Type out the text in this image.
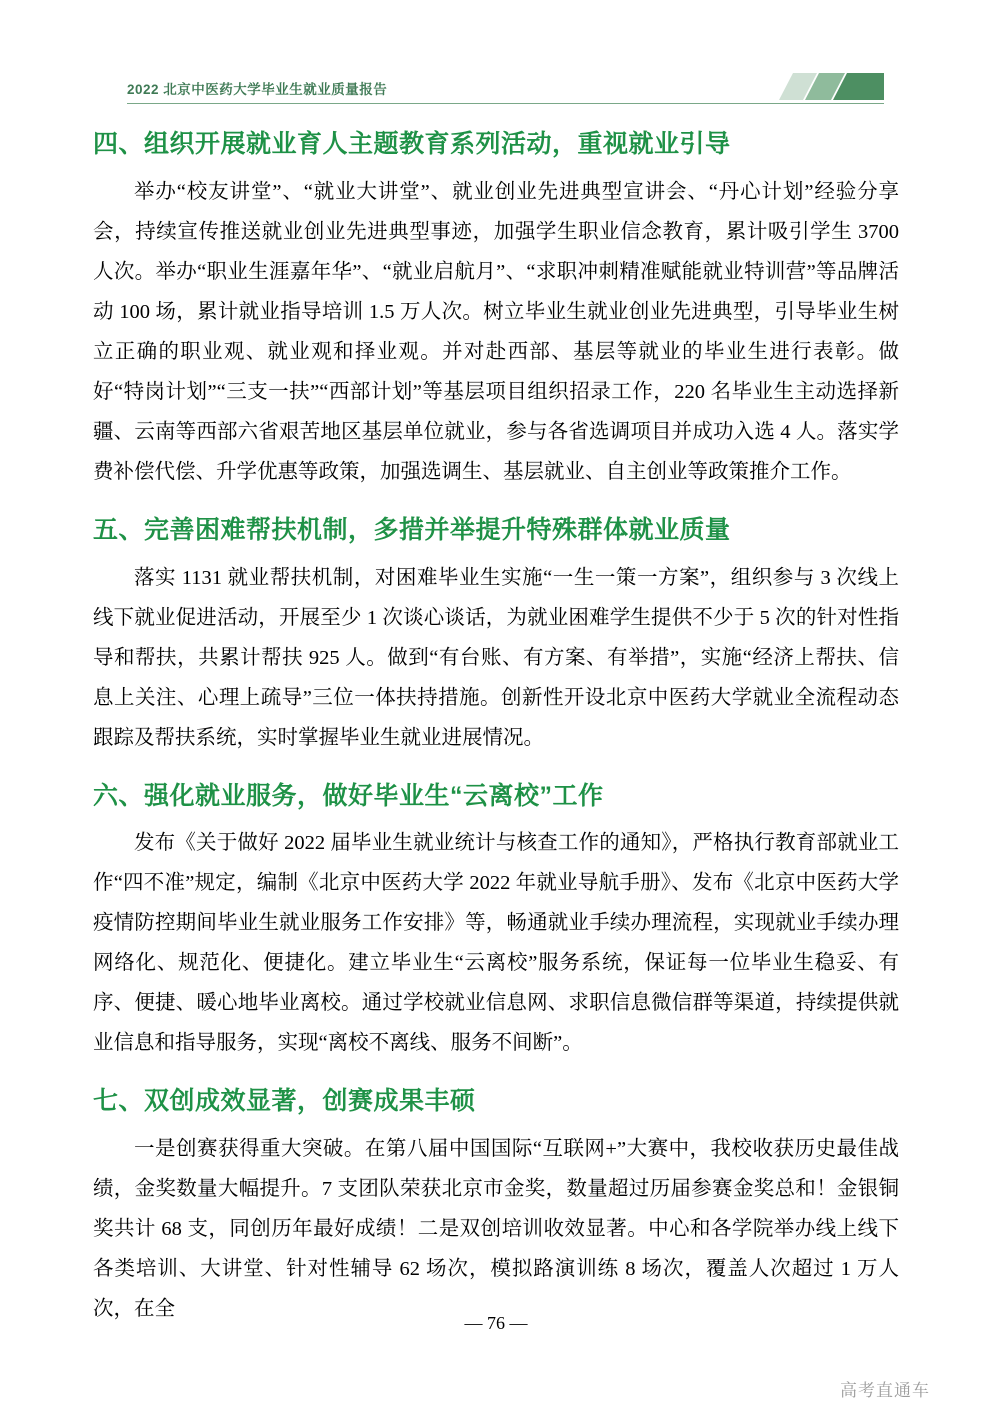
2022 北京中医药大学毕业生就业质量报告
四、组织开展就业育人主题教育系列活动，重视就业引导

举办“校友讲堂”、“就业大讲堂”、就业创业先进典型宣讲会、“丹心计划”经验分享会，持续宣传推送就业创业先进典型事迹，加强学生职业信念教育，累计吸引学生 3700 人次。举办“职业生涯嘉年华”、“就业启航月”、“求职冲刺精准赋能就业特训营”等品牌活动 100 场，累计就业指导培训 1.5 万人次。树立毕业生就业创业先进典型，引导毕业生树立正确的职业观、就业观和择业观。并对赴西部、基层等就业的毕业生进行表彰。做好“特岗计划”“三支一扶”“西部计划”等基层项目组织招录工作，220 名毕业生主动选择新疆、云南等西部六省艰苦地区基层单位就业，参与各省选调项目并成功入选 4 人。落实学费补偿代偿、升学优惠等政策，加强选调生、基层就业、自主创业等政策推介工作。

五、完善困难帮扶机制，多措并举提升特殊群体就业质量

落实 1131 就业帮扶机制，对困难毕业生实施“一生一策一方案”，组织参与 3 次线上线下就业促进活动，开展至少 1 次谈心谈话，为就业困难学生提供不少于 5 次的针对性指导和帮扶，共累计帮扶 925 人。做到“有台账、有方案、有举措”，实施“经济上帮扶、信息上关注、心理上疏导”三位一体扶持措施。创新性开设北京中医药大学就业全流程动态跟踪及帮扶系统，实时掌握毕业生就业进展情况。

六、强化就业服务，做好毕业生“云离校”工作

发布《关于做好 2022 届毕业生就业统计与核查工作的通知》，严格执行教育部就业工作“四不准”规定，编制《北京中医药大学 2022 年就业导航手册》、发布《北京中医药大学疫情防控期间毕业生就业服务工作安排》等，畅通就业手续办理流程，实现就业手续办理网络化、规范化、便捷化。建立毕业生“云离校”服务系统，保证每一位毕业生稳妥、有序、便捷、暖心地毕业离校。通过学校就业信息网、求职信息微信群等渠道，持续提供就业信息和指导服务，实现“离校不离线、服务不间断”。

七、双创成效显著，创赛成果丰硕

一是创赛获得重大突破。在第八届中国国际“互联网+”大赛中，我校收获历史最佳战绩，金奖数量大幅提升。7 支团队荣获北京市金奖，数量超过历届参赛金奖总和！金银铜奖共计 68 支，同创历年最好成绩！二是双创培训收效显著。中心和各学院举办线上线下各类培训、大讲堂、针对性辅导 62 场次，模拟路演训练 8 场次，覆盖人次超过 1 万人次，在全

— 76 —
高考直通车
